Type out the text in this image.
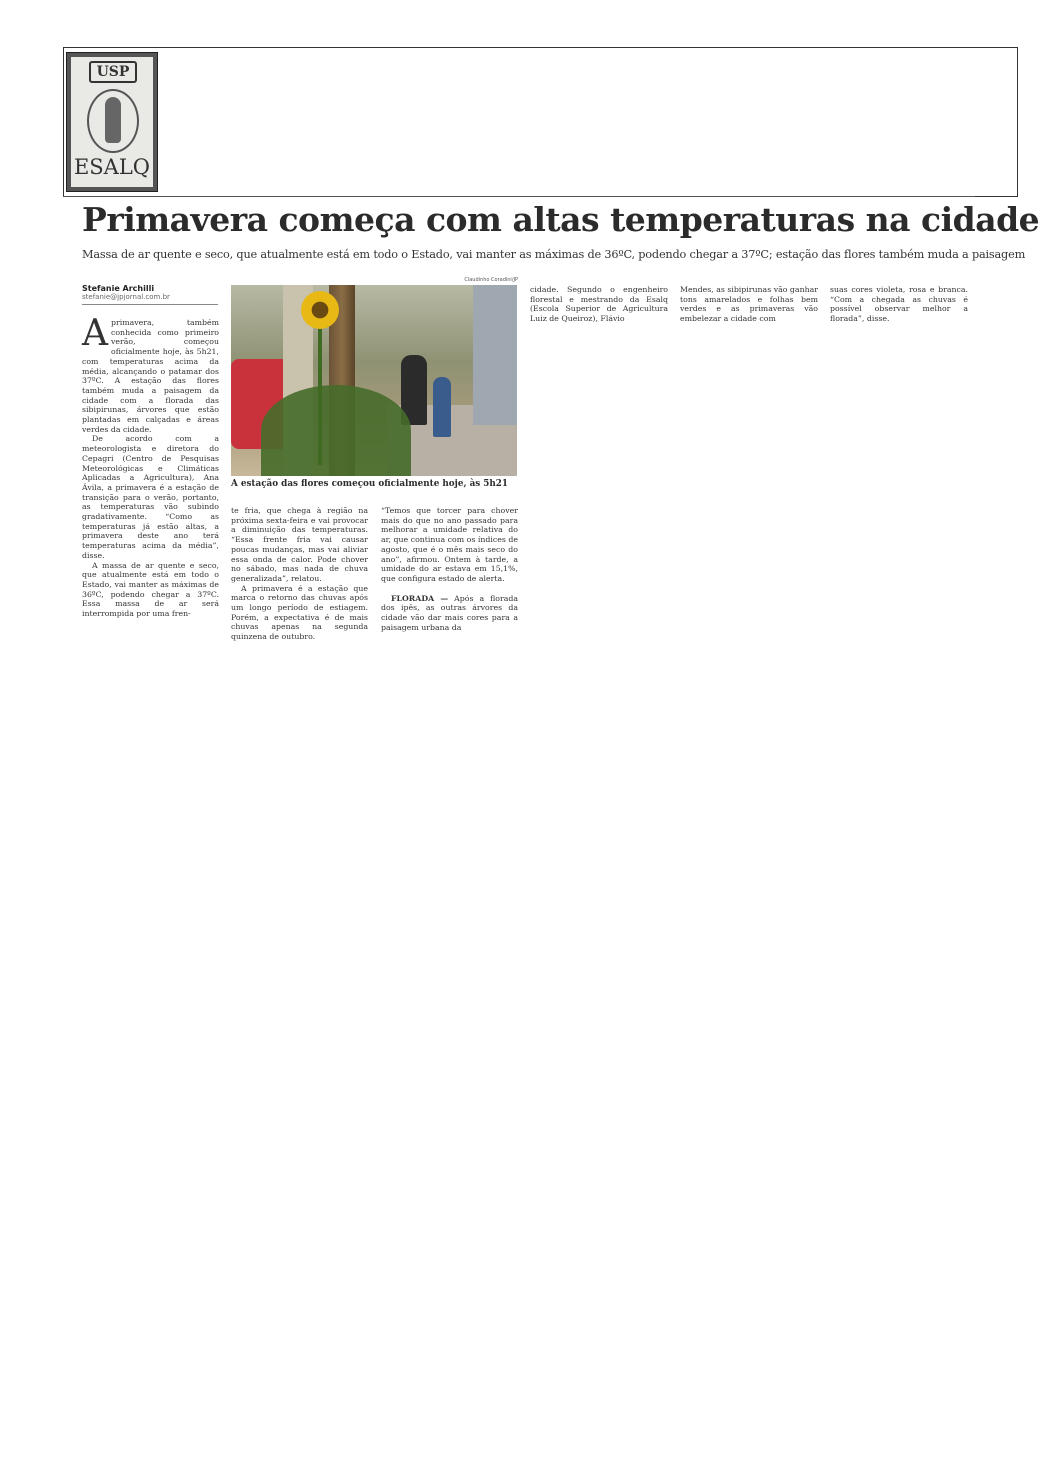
USP
ESALQ
Primavera começa com altas temperaturas na cidade

Massa de ar quente e seco, que atualmente está em todo o Estado, vai manter as máximas de 36ºC, podendo chegar a 37ºC; estação das flores também muda a paisagem

Stefanie Archilli
stefanie@jpjornal.com.br

Aprimavera, também conhecida como primeiro verão, começou oficialmente hoje, às 5h21, com temperaturas acima da média, alcançando o patamar dos 37ºC. A estação das flores também muda a paisagem da cidade com a florada das sibipirunas, árvores que estão plantadas em calçadas e áreas verdes da cidade.

De acordo com a meteorologista e diretora do Cepagri (Centro de Pesquisas Meteorológicas e Climáticas Aplicadas a Agricultura), Ana Ávila, a primavera é a estação de transição para o verão, portanto, as temperaturas vão subindo gradativamente. “Como as temperaturas já estão altas, a primavera deste ano terá temperaturas acima da média”, disse.

A massa de ar quente e seco, que atualmente está em todo o Estado, vai manter as máximas de 36ºC, podendo chegar a 37ºC. Essa massa de ar será interrompida por uma fren-

Claudinho Coradini/JP
A estação das flores começou oficialmente hoje, às 5h21

te fria, que chega à região na próxima sexta-feira e vai provocar a diminuição das temperaturas. “Essa frente fria vai causar poucas mudanças, mas vai aliviar essa onda de calor. Pode chover no sábado, mas nada de chuva generalizada”, relatou.

A primavera é a estação que marca o retorno das chuvas após um longo período de estiagem. Porém, a expectativa é de mais chuvas apenas na segunda quinzena de outubro.

“Temos que torcer para chover mais do que no ano passado para melhorar a umidade relativa do ar, que continua com os índices de agosto, que é o mês mais seco do ano”, afirmou. Ontem à tarde, a umidade do ar estava em 15,1%, que configura estado de alerta.

FLORADA — Após a florada dos ipês, as outras árvores da cidade vão dar mais cores para a paisagem urbana da

cidade. Segundo o engenheiro florestal e mestrando da Esalq (Escola Superior de Agricultura Luiz de Queiroz), Flávio

Mendes, as sibipirunas vão ganhar tons amarelados e folhas bem verdes e as primaveras vão embelezar a cidade com

suas cores violeta, rosa e branca. “Com a chegada as chuvas é possível observar melhor a florada”, disse.
